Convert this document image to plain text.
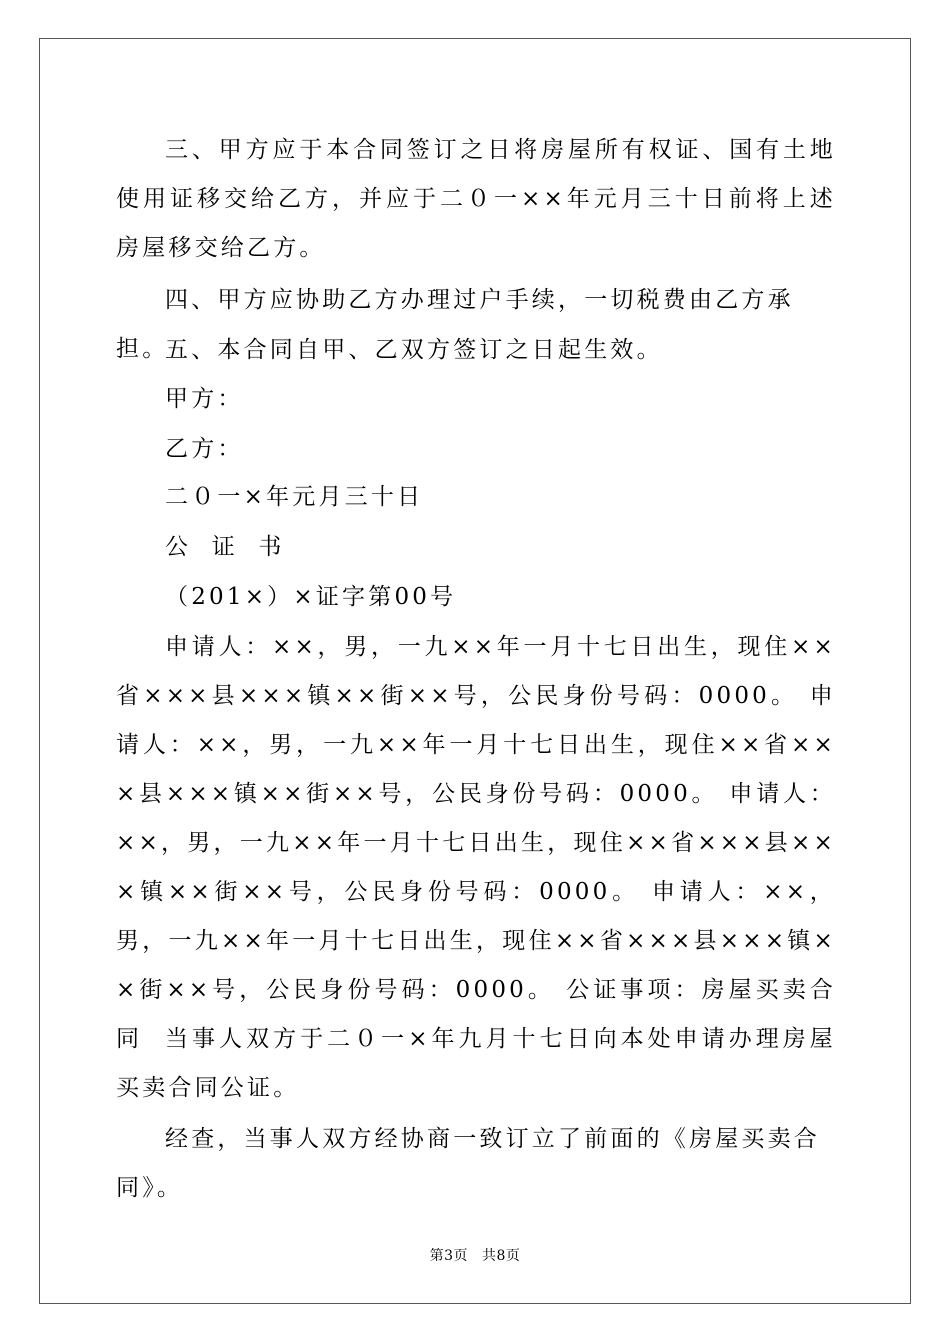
三、甲方应于本合同签订之日将房屋所有权证、国有土地使用证移交给乙方，并应于二０一××年元月三十日前将上述房屋移交给乙方。

四、甲方应协助乙方办理过户手续，一切税费由乙方承担。

五、本合同自甲、乙双方签订之日起生效。

甲方：

乙方：

二０一×年元月三十日

公 证 书

（201×）×证字第00号

申请人：××，男，一九××年一月十七日出生，现住××省×××县×××镇××街××号，公民身份号码：0000。 申请人：××，男，一九××年一月十七日出生，现住××省×××县×××镇××街××号，公民身份号码：0000。 申请人：××，男，一九××年一月十七日出生，现住××省×××县×××镇××街××号，公民身份号码：0000。 申请人：××，男，一九××年一月十七日出生，现住××省×××县×××镇××街××号，公民身份号码：0000。 公证事项：房屋买卖合同 当事人双方于二０一×年九月十七日向本处申请办理房屋买卖合同公证。

经查，当事人双方经协商一致订立了前面的《房屋买卖合同》。

第3页 共8页
